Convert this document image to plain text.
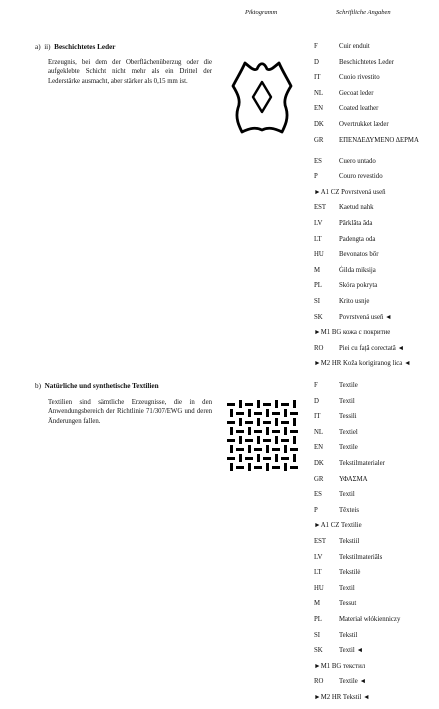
Piktogramm	Schriftliche Angaben
a) ii) Beschichtetes Leder
Erzeugnis, bei dem der Oberflächenüberzug oder die aufgeklebte Schicht nicht mehr als ein Drittel der Lederstärke ausmacht, aber stärker als 0,15 mm ist.
F	Cuir enduit
D	Beschichtetes Leder
IT	Cuoio rivestito
NL	Gecoat leder
EN	Coated leather
DK	Overtrukket læder
GR	ΕΠΕΝΔΕΔΥΜΕΝΟ ΔΕΡΜΑ
ES	Cuero untado
P	Couro revestido
►A1 CZ Povrstvená useň
EST	Kaetud nahk
LV	Pārklāta āda
LT	Padengta oda
HU	Bevonatos bőr
M	Ġilda miksija
PL	Skóra pokryta
SI	Krito usnje
SK	Povrstvená useň ◄
►M1 BG кожа с покритие
RO	Piei cu față corectată ◄
►M2 HR Koža korigiranog lica ◄
b) Natürliche und synthetische Textilien
Textilien sind sämtliche Erzeugnisse, die in den Anwendungsbereich der Richtlinie 71/307/EWG und deren Änderungen fallen.
F	Textile
D	Textil
IT	Tessili
NL	Textiel
EN	Textile
DK	Tekstilmaterialer
GR	ΥΦΑΣΜΑ
ES	Textil
P	Têxteis
►A1 CZ Textilie
EST	Tekstiil
LV	Tekstilmateriāls
LT	Tekstilė
HU	Textil
M	Tessut
PL	Materiał włókienniczy
SI	Tekstil
SK	Textil ◄
►M1 BG текстил
RO	Textile ◄
►M2 HR Tekstil ◄
